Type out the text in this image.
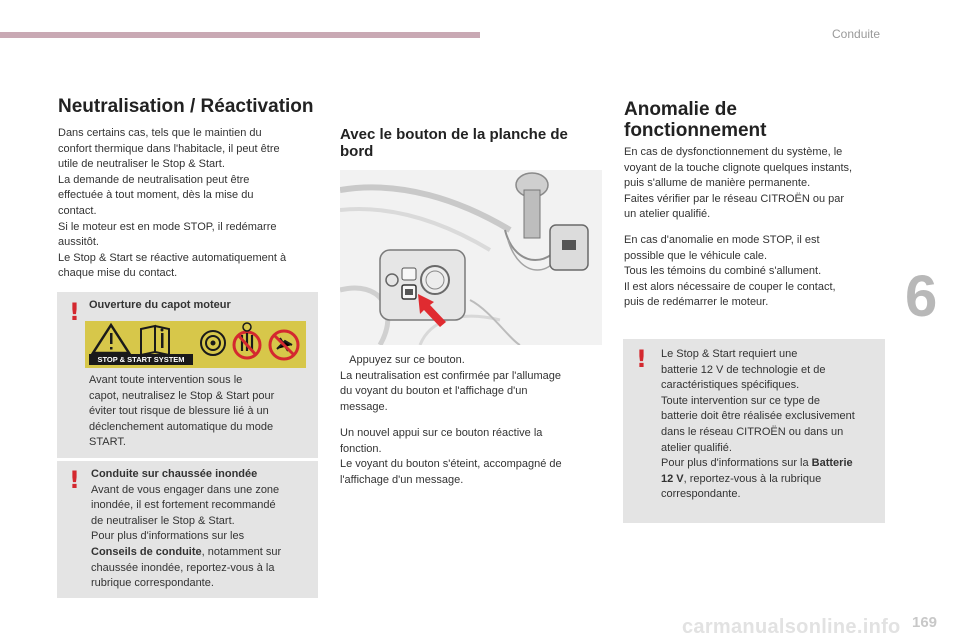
Conduite
6
169
carmanualsonline.info
Neutralisation / Réactivation
Dans certains cas, tels que le maintien du
confort thermique dans l'habitacle, il peut être
utile de neutraliser le Stop & Start.
La demande de neutralisation peut être
effectuée à tout moment, dès la mise du
contact.
Si le moteur est en mode STOP, il redémarre
aussitôt.
Le Stop & Start se réactive automatiquement à
chaque mise du contact.
! Ouverture du capot moteur
Avant toute intervention sous le
capot, neutralisez le Stop & Start pour
éviter tout risque de blessure lié à un
déclenchement automatique du mode
START.
STOP & START SYSTEM
! Conduite sur chaussée inondée
Avant de vous engager dans une zone
inondée, il est fortement recommandé
de neutraliser le Stop & Start.
Pour plus d'informations sur les
Conseils de conduite, notamment sur
chaussée inondée, reportez-vous à la
rubrique correspondante.
Avec le bouton de la planche de bord
Appuyez sur ce bouton.
La neutralisation est confirmée par l'allumage
du voyant du bouton et l'affichage d'un
message.
Un nouvel appui sur ce bouton réactive la
fonction.
Le voyant du bouton s'éteint, accompagné de
l'affichage d'un message.
Anomalie de fonctionnement
En cas de dysfonctionnement du système, le
voyant de la touche clignote quelques instants,
puis s'allume de manière permanente.
Faites vérifier par le réseau CITROËN ou par
un atelier qualifié.
En cas d'anomalie en mode STOP, il est
possible que le véhicule cale.
Tous les témoins du combiné s'allument.
Il est alors nécessaire de couper le contact,
puis de redémarrer le moteur.
! Le Stop & Start requiert une
batterie 12 V de technologie et de
caractéristiques spécifiques.
Toute intervention sur ce type de
batterie doit être réalisée exclusivement
dans le réseau CITROËN ou dans un
atelier qualifié.
Pour plus d'informations sur la Batterie
12 V, reportez-vous à la rubrique
correspondante.
